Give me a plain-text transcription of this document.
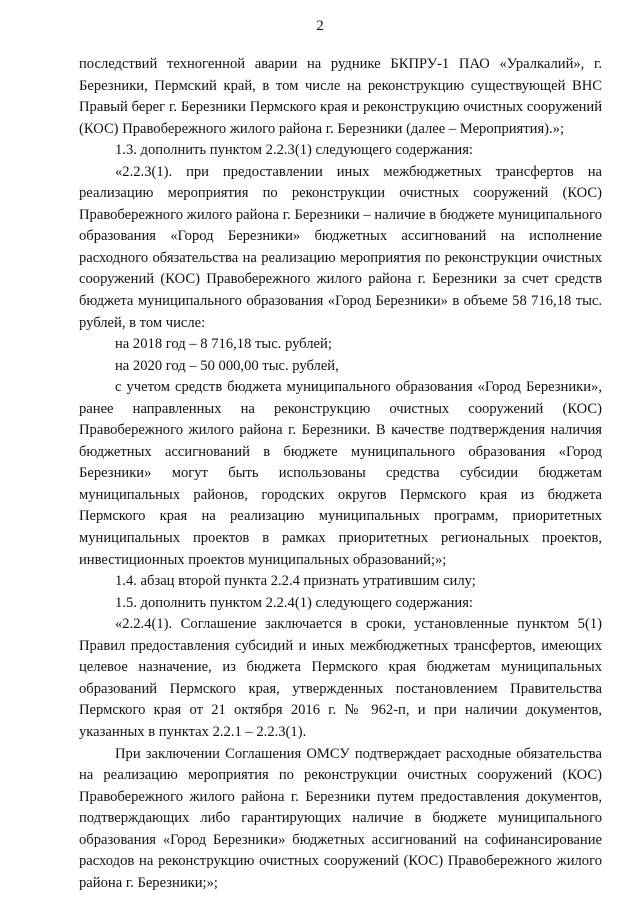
2

последствий техногенной аварии на руднике БКПРУ-1 ПАО «Уралкалий», г. Березники, Пермский край, в том числе на реконструкцию существующей ВНС Правый берег г. Березники Пермского края и реконструкцию очистных сооружений (КОС) Правобережного жилого района г. Березники (далее – Мероприятия).»;

1.3. дополнить пунктом 2.2.3(1) следующего содержания:

«2.2.3(1). при предоставлении иных межбюджетных трансфертов на реализацию мероприятия по реконструкции очистных сооружений (КОС) Правобережного жилого района г. Березники – наличие в бюджете муниципального образования «Город Березники» бюджетных ассигнований на исполнение расходного обязательства на реализацию мероприятия по реконструкции очистных сооружений (КОС) Правобережного жилого района г. Березники за счет средств бюджета муниципального образования «Город Березники» в объеме 58 716,18 тыс. рублей, в том числе:

на 2018 год – 8 716,18 тыс. рублей;

на 2020 год – 50 000,00 тыс. рублей,

с учетом средств бюджета муниципального образования «Город Березники», ранее направленных на реконструкцию очистных сооружений (КОС) Правобережного жилого района г. Березники. В качестве подтверждения наличия бюджетных ассигнований в бюджете муниципального образования «Город Березники» могут быть использованы средства субсидии бюджетам муниципальных районов, городских округов Пермского края из бюджета Пермского края на реализацию муниципальных программ, приоритетных муниципальных проектов в рамках приоритетных региональных проектов, инвестиционных проектов муниципальных образований;»;

1.4. абзац второй пункта 2.2.4 признать утратившим силу;

1.5. дополнить пунктом 2.2.4(1) следующего содержания:

«2.2.4(1). Соглашение заключается в сроки, установленные пунктом 5(1) Правил предоставления субсидий и иных межбюджетных трансфертов, имеющих целевое назначение, из бюджета Пермского края бюджетам муниципальных образований Пермского края, утвержденных постановлением Правительства Пермского края от 21 октября 2016 г. № 962-п, и при наличии документов, указанных в пунктах 2.2.1 – 2.2.3(1).

При заключении Соглашения ОМСУ подтверждает расходные обязательства на реализацию мероприятия по реконструкции очистных сооружений (КОС) Правобережного жилого района г. Березники путем предоставления документов, подтверждающих либо гарантирующих наличие в бюджете муниципального образования «Город Березники» бюджетных ассигнований на софинансирование расходов на реконструкцию очистных сооружений (КОС) Правобережного жилого района г. Березники;»;
